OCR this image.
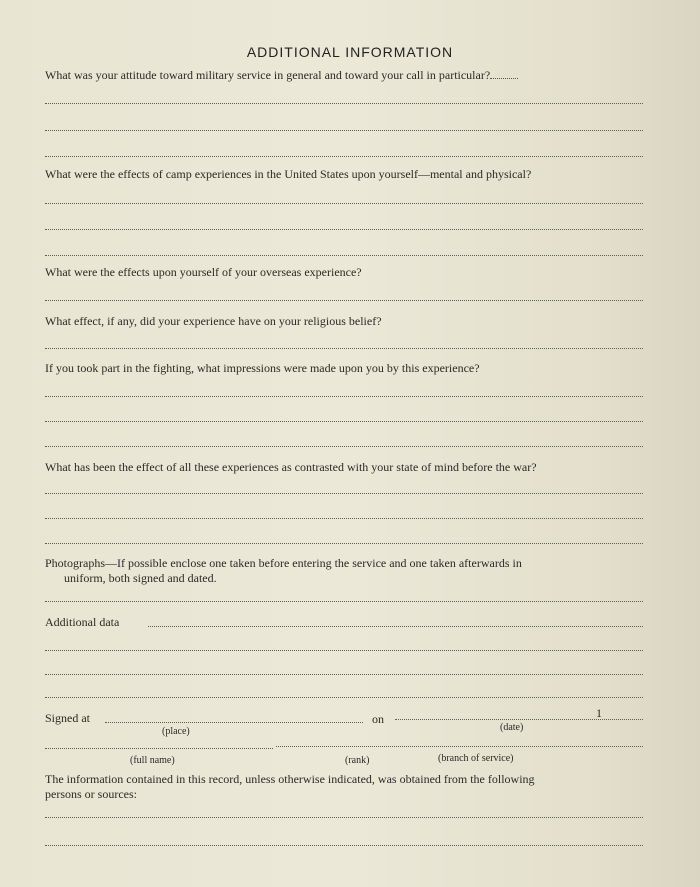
ADDITIONAL INFORMATION
What was your attitude toward military service in general and toward your call in particular?
What were the effects of camp experiences in the United States upon yourself—mental and physical?
What were the effects upon yourself of your overseas experience?
What effect, if any, did your experience have on your religious belief?
If you took part in the fighting, what impressions were made upon you by this experience?
What has been the effect of all these experiences as contrasted with your state of mind before the war?
Photographs—If possible enclose one taken before entering the service and one taken afterwards in
uniform, both signed and dated.
Additional data
Signed at	on	1
(place)	(date)
(full name)	(rank)	(branch of service)
The information contained in this record, unless otherwise indicated, was obtained from the following
persons or sources:
